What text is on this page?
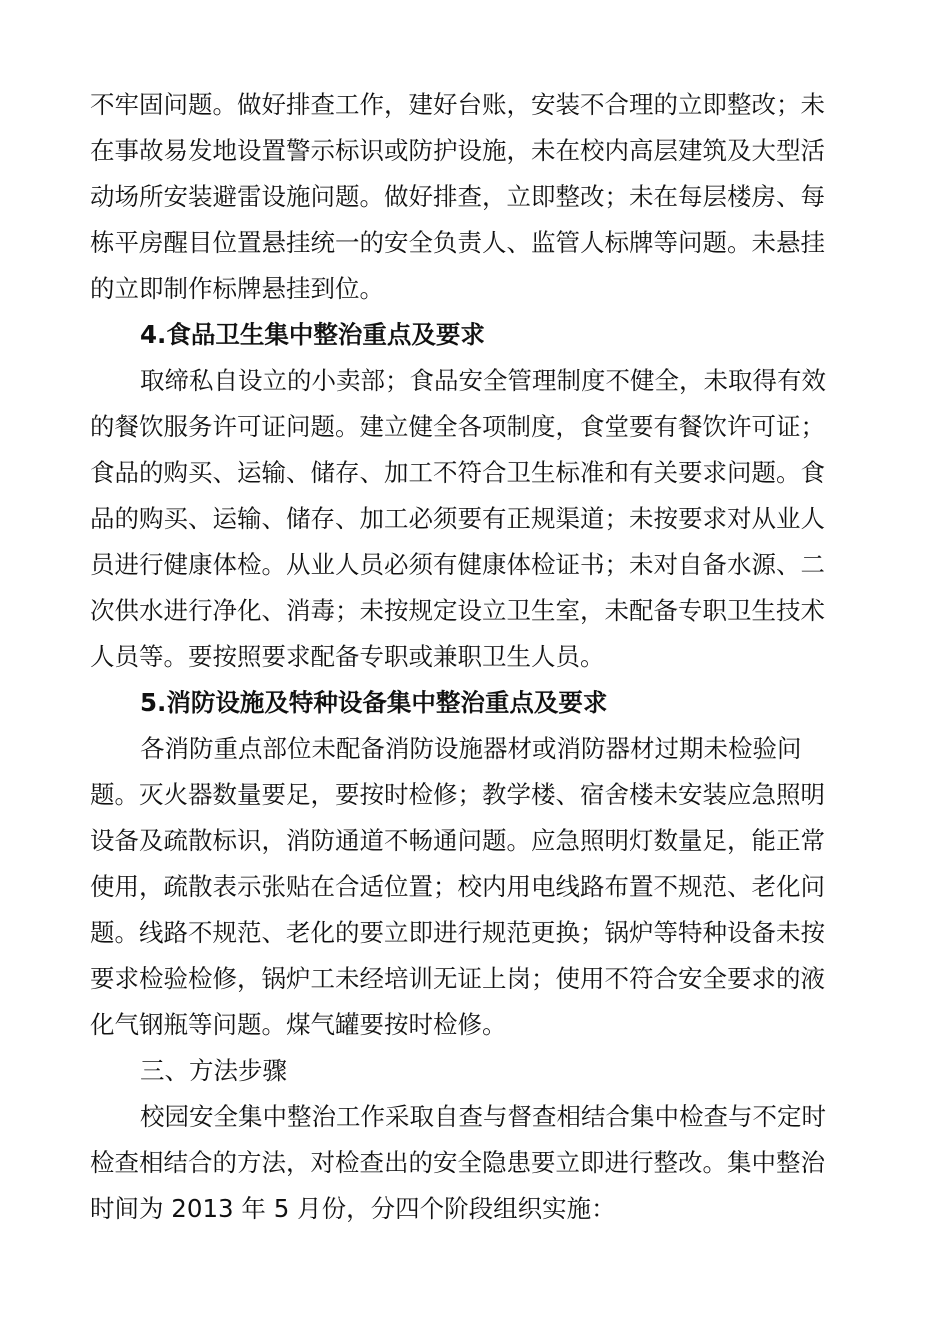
不牢固问题。做好排查工作，建好台账，安装不合理的立即整改；未
在事故易发地设置警示标识或防护设施，未在校内高层建筑及大型活
动场所安装避雷设施问题。做好排查，立即整改；未在每层楼房、每
栋平房醒目位置悬挂统一的安全负责人、监管人标牌等问题。未悬挂
的立即制作标牌悬挂到位。
4.食品卫生集中整治重点及要求
取缔私自设立的小卖部；食品安全管理制度不健全，未取得有效
的餐饮服务许可证问题。建立健全各项制度，食堂要有餐饮许可证；
食品的购买、运输、储存、加工不符合卫生标准和有关要求问题。食
品的购买、运输、储存、加工必须要有正规渠道；未按要求对从业人
员进行健康体检。从业人员必须有健康体检证书；未对自备水源、二
次供水进行净化、消毒；未按规定设立卫生室，未配备专职卫生技术
人员等。要按照要求配备专职或兼职卫生人员。
5.消防设施及特种设备集中整治重点及要求
各消防重点部位未配备消防设施器材或消防器材过期未检验问
题。灭火器数量要足，要按时检修；教学楼、宿舍楼未安装应急照明
设备及疏散标识，消防通道不畅通问题。应急照明灯数量足，能正常
使用，疏散表示张贴在合适位置；校内用电线路布置不规范、老化问
题。线路不规范、老化的要立即进行规范更换；锅炉等特种设备未按
要求检验检修，锅炉工未经培训无证上岗；使用不符合安全要求的液
化气钢瓶等问题。煤气罐要按时检修。
三、方法步骤
校园安全集中整治工作采取自查与督查相结合集中检查与不定时
检查相结合的方法，对检查出的安全隐患要立即进行整改。集中整治
时间为 2013 年 5 月份，分四个阶段组织实施：
